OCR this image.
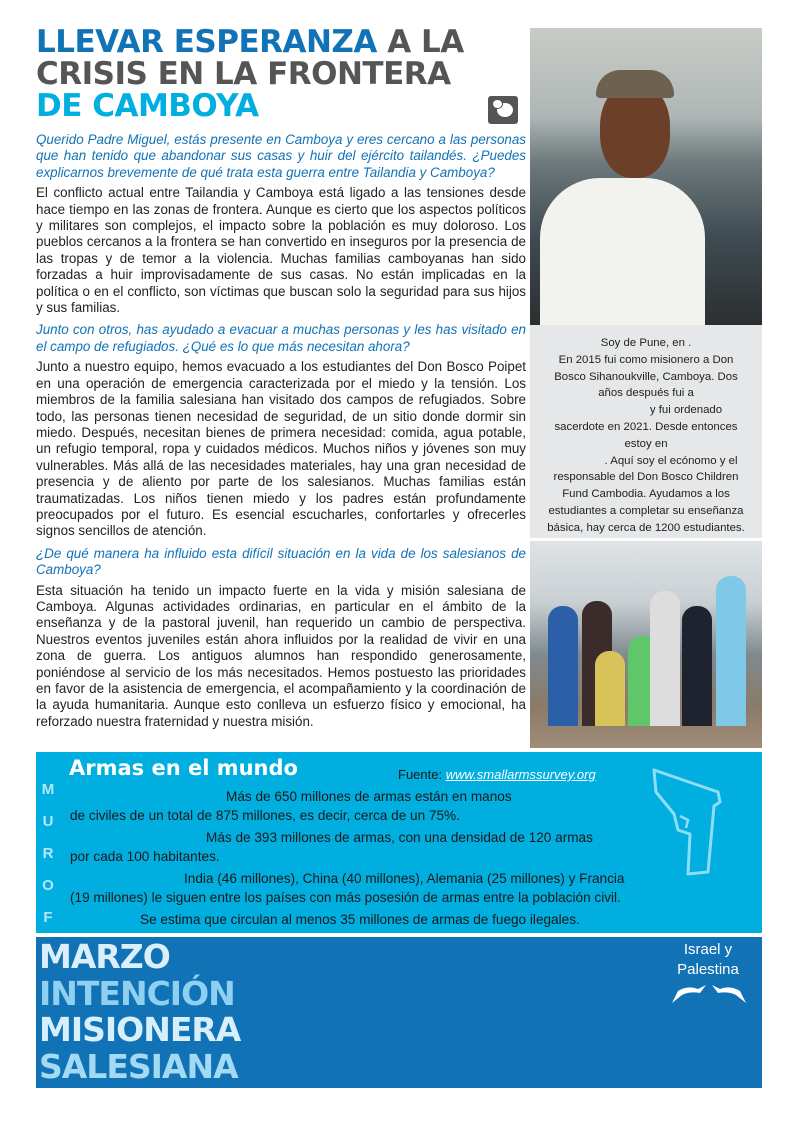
LLEVAR ESPERANZA A LA
CRISIS EN LA FRONTERA
DE CAMBOYA

Querido Padre Miguel, estás presente en Camboya y eres cercano a las personas que han tenido que abandonar sus casas y huir del ejército tailandés. ¿Puedes explicarnos brevemente de qué trata esta guerra entre Tailandia y Camboya?

El conflicto actual entre Tailandia y Camboya está ligado a las tensiones desde hace tiempo en las zonas de frontera. Aunque es cierto que los aspectos políticos y militares son complejos, el impacto sobre la población es muy doloroso. Los pueblos cercanos a la frontera se han convertido en inseguros por la presencia de las tropas y de temor a la violencia. Muchas familias camboyanas han sido forzadas a huir improvisadamente de sus casas. No están implicadas en la política o en el conflicto, son víctimas que buscan solo la seguridad para sus hijos y sus familias.

Junto con otros, has ayudado a evacuar a muchas personas y les has visitado en el campo de refugiados. ¿Qué es lo que más necesitan ahora?

Junto a nuestro equipo, hemos evacuado a los estudiantes del Don Bosco Poipet en una operación de emergencia caracterizada por el miedo y la tensión. Los miembros de la familia salesiana han visitado dos campos de refugiados. Sobre todo, las personas tienen necesidad de seguridad, de un sitio donde dormir sin miedo. Después, necesitan bienes de primera necesidad: comida, agua potable, un refugio temporal, ropa y cuidados médicos. Muchos niños y jóvenes son muy vulnerables. Más allá de las necesidades materiales, hay una gran necesidad de presencia y de aliento por parte de los salesianos. Muchas familias están traumatizadas. Los niños tienen miedo y los padres están profundamente preocupados por el futuro. Es esencial escucharles, confortarles y ofrecerles signos sencillos de atención.

¿De qué manera ha influido esta difícil situación en la vida de los salesianos de Camboya?

Esta situación ha tenido un impacto fuerte en la vida y misión salesiana de Camboya. Algunas actividades ordinarias, en particular en el ámbito de la enseñanza y de la pastoral juvenil, han requerido un cambio de perspectiva. Nuestros eventos juveniles están ahora influidos por la realidad de vivir en una zona de guerra. Los antiguos alumnos han respondido generosamente, poniéndose al servicio de los más necesitados. Hemos postuesto las prioridades en favor de la asistencia de emergencia, el acompañamiento y la coordinación de la ayuda humanitaria. Aunque esto conlleva un esfuerzo físico y emocional, ha reforzado nuestra fraternidad y nuestra misión.

Soy de Pune, en .
En 2015 fui como misionero a Don
Bosco Sihanoukville, Camboya. Dos
años después fui a
y fui ordenado
sacerdote en 2021. Desde entonces
estoy en
. Aquí soy el ecónomo y el
responsable del Don Bosco Children
Fund Cambodia. Ayudamos a los
estudiantes a completar su enseñanza
básica, hay cerca de 1200 estudiantes.
M
U
R
O
F
Armas en el mundo	Fuente: www.smallarmssurvey.org
Más de 650 millones de armas están en manos
de civiles de un total de 875 millones, es decir, cerca de un 75%.
Más de 393 millones de armas, con una densidad de 120 armas
por cada 100 habitantes.
India (46 millones), China (40 millones), Alemania (25 millones) y Francia
(19 millones) le siguen entre los países con más posesión de armas entre la población civil.
Se estima que circulan al menos 35 millones de armas de fuego ilegales.
MARZO
INTENCIÓN
MISIONERA
SALESIANA
Israel y
Palestina
